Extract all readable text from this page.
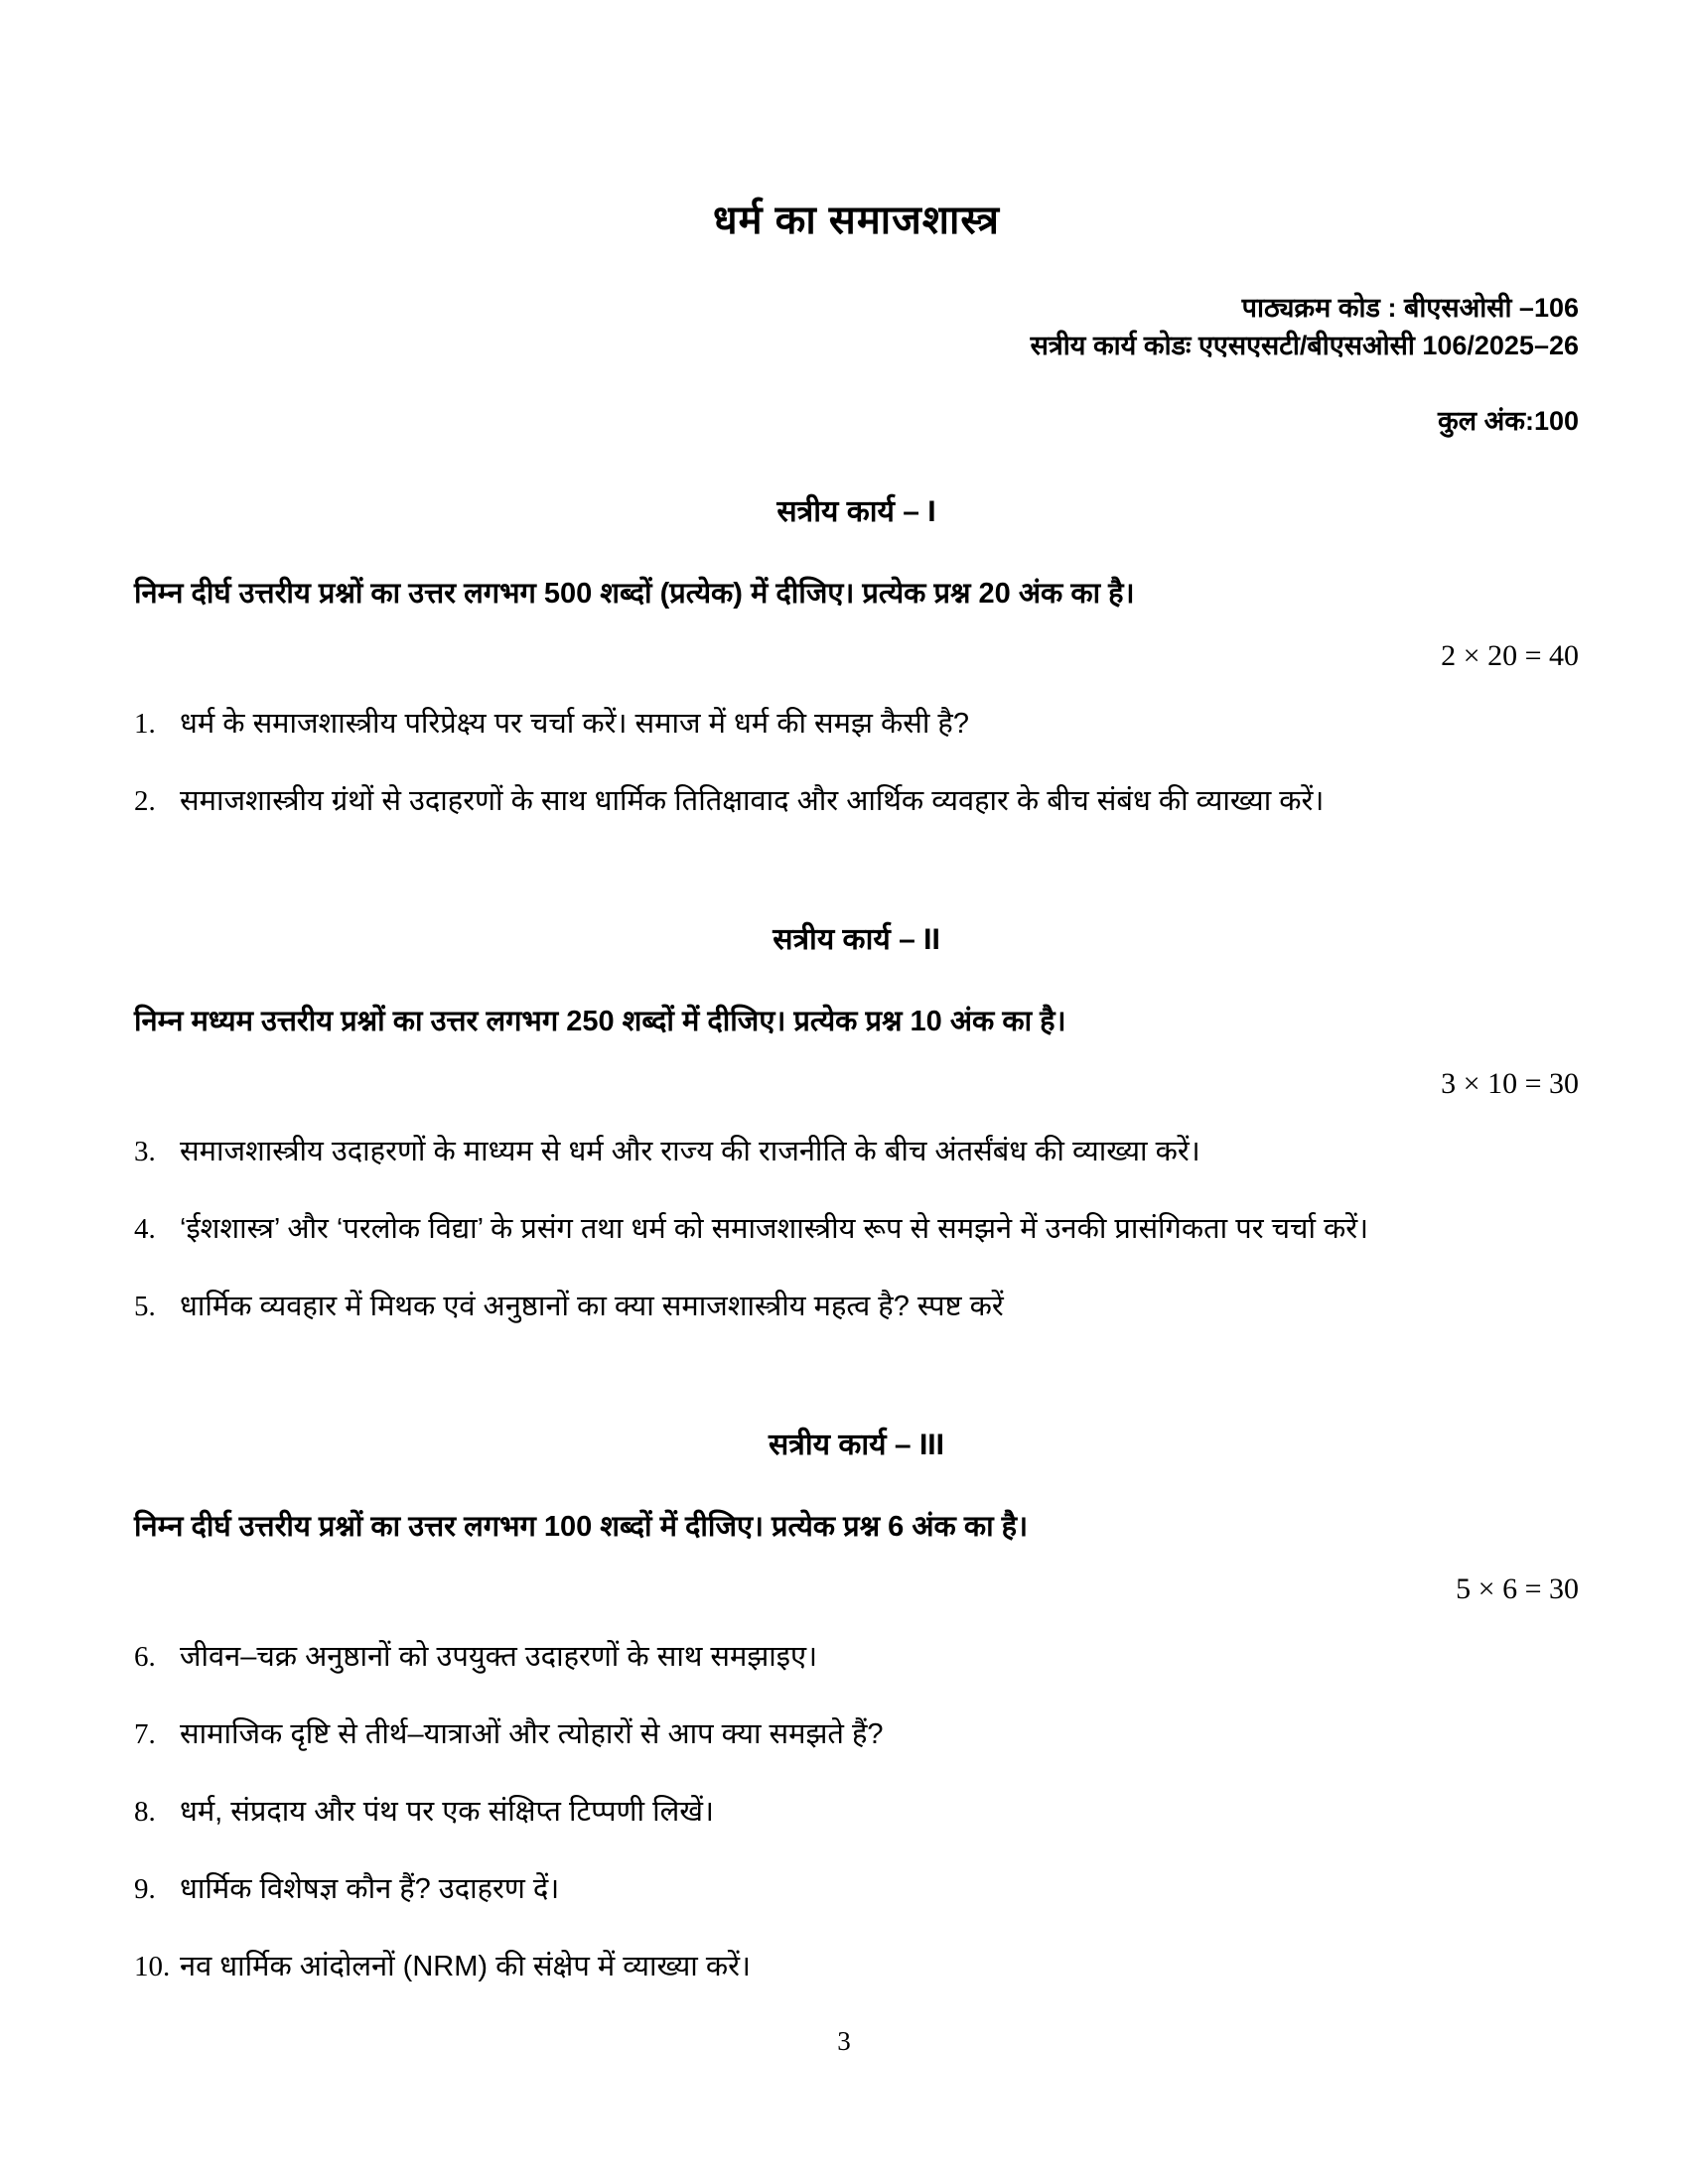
धर्म का समाजशास्त्र
पाठ्यक्रम कोड : बीएसओसी –106
सत्रीय कार्य कोडः एएसएसटी/बीएसओसी 106/2025–26
कुल अंक:100
सत्रीय कार्य – I

निम्न दीर्घ उत्तरीय प्रश्नों का उत्तर लगभग 500 शब्दों (प्रत्येक) में दीजिए। प्रत्येक प्रश्न 20 अंक का है।

2 × 20 = 40
1. धर्म के समाजशास्त्रीय परिप्रेक्ष्य पर चर्चा करें। समाज में धर्म की समझ कैसी है?
2. समाजशास्त्रीय ग्रंथों से उदाहरणों के साथ धार्मिक तितिक्षावाद और आर्थिक व्यवहार के बीच संबंध की व्याख्या करें।
सत्रीय कार्य – II

निम्न मध्यम उत्तरीय प्रश्नों का उत्तर लगभग 250 शब्दों में दीजिए। प्रत्येक प्रश्न 10 अंक का है।

3 × 10 = 30
3. समाजशास्त्रीय उदाहरणों के माध्यम से धर्म और राज्य की राजनीति के बीच अंतर्संबंध की व्याख्या करें।
4. ‘ईशशास्त्र’ और ‘परलोक विद्या’ के प्रसंग तथा धर्म को समाजशास्त्रीय रूप से समझने में उनकी प्रासंगिकता पर चर्चा करें।
5. धार्मिक व्यवहार में मिथक एवं अनुष्ठानों का क्या समाजशास्त्रीय महत्व है? स्पष्ट करें
सत्रीय कार्य – III

निम्न दीर्घ उत्तरीय प्रश्नों का उत्तर लगभग 100 शब्दों में दीजिए। प्रत्येक प्रश्न 6 अंक का है।

5 × 6 = 30
6. जीवन–चक्र अनुष्ठानों को उपयुक्त उदाहरणों के साथ समझाइए।
7. सामाजिक दृष्टि से तीर्थ–यात्राओं और त्योहारों से आप क्या समझते हैं?
8. धर्म, संप्रदाय और पंथ पर एक संक्षिप्त टिप्पणी लिखें।
9. धार्मिक विशेषज्ञ कौन हैं? उदाहरण दें।
10. नव धार्मिक आंदोलनों (NRM) की संक्षेप में व्याख्या करें।
3
